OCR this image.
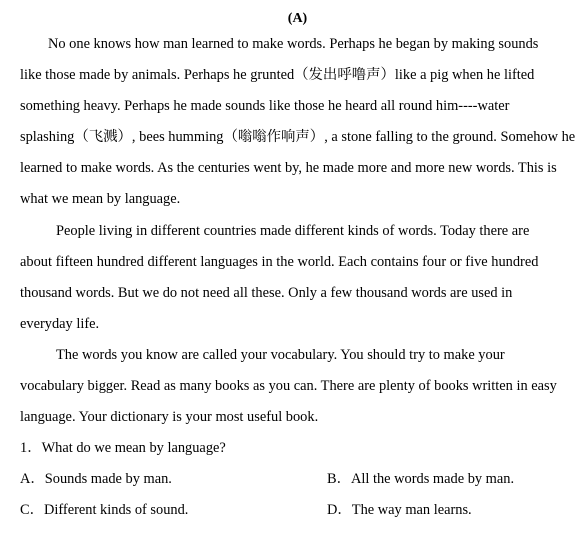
(A)

No one knows how man learned to make words. Perhaps he began by making sounds
like those made by animals. Perhaps he grunted（发出呼噜声）like a pig when he lifted
something heavy. Perhaps he made sounds like those he heard all round him----water
splashing（飞溅）, bees humming（嗡嗡作响声）, a stone falling to the ground. Somehow he
learned to make words. As the centuries went by, he made more and more new words. This is
what we mean by language.

People living in different countries made different kinds of words. Today there are
about fifteen hundred different languages in the world. Each contains four or five hundred
thousand words. But we do not need all these. Only a few thousand words are used in
everyday life.

The words you know are called your vocabulary. You should try to make your
vocabulary bigger. Read as many books as you can. There are plenty of books written in easy
language. Your dictionary is your most useful book.

1．What do we mean by language?
A．Sounds made by man.	B．All the words made by man.
C．Different kinds of sound.	D．The way man learns.
